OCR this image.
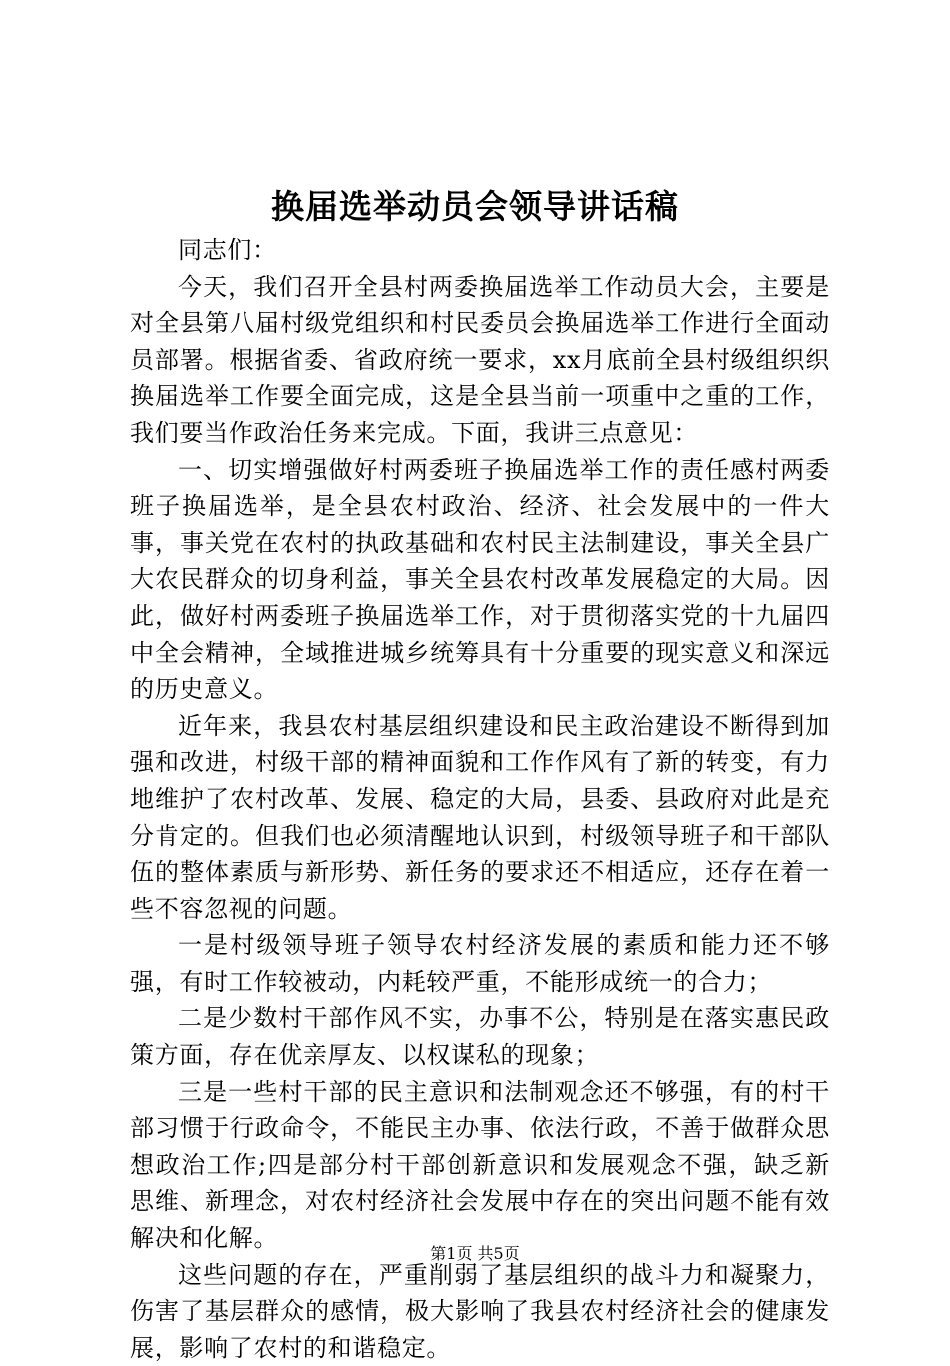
换届选举动员会领导讲话稿

同志们：

今天，我们召开全县村两委换届选举工作动员大会，主要是对全县第八届村级党组织和村民委员会换届选举工作进行全面动员部署。根据省委、省政府统一要求，xx月底前全县村级组织织换届选举工作要全面完成，这是全县当前一项重中之重的工作，我们要当作政治任务来完成。下面，我讲三点意见：

一、切实增强做好村两委班子换届选举工作的责任感村两委班子换届选举，是全县农村政治、经济、社会发展中的一件大事，事关党在农村的执政基础和农村民主法制建设，事关全县广大农民群众的切身利益，事关全县农村改革发展稳定的大局。因此，做好村两委班子换届选举工作，对于贯彻落实党的十九届四中全会精神，全域推进城乡统筹具有十分重要的现实意义和深远的历史意义。

近年来，我县农村基层组织建设和民主政治建设不断得到加强和改进，村级干部的精神面貌和工作作风有了新的转变，有力地维护了农村改革、发展、稳定的大局，县委、县政府对此是充分肯定的。但我们也必须清醒地认识到，村级领导班子和干部队伍的整体素质与新形势、新任务的要求还不相适应，还存在着一些不容忽视的问题。

一是村级领导班子领导农村经济发展的素质和能力还不够强，有时工作较被动，内耗较严重，不能形成统一的合力；

二是少数村干部作风不实，办事不公，特别是在落实惠民政策方面，存在优亲厚友、以权谋私的现象；

三是一些村干部的民主意识和法制观念还不够强，有的村干部习惯于行政命令，不能民主办事、依法行政，不善于做群众思想政治工作;四是部分村干部创新意识和发展观念不强，缺乏新思维、新理念，对农村经济社会发展中存在的突出问题不能有效解决和化解。

这些问题的存在，严重削弱了基层组织的战斗力和凝聚力，伤害了基层群众的感情，极大影响了我县农村经济社会的健康发展，影响了农村的和谐稳定。

第1页 共5页
